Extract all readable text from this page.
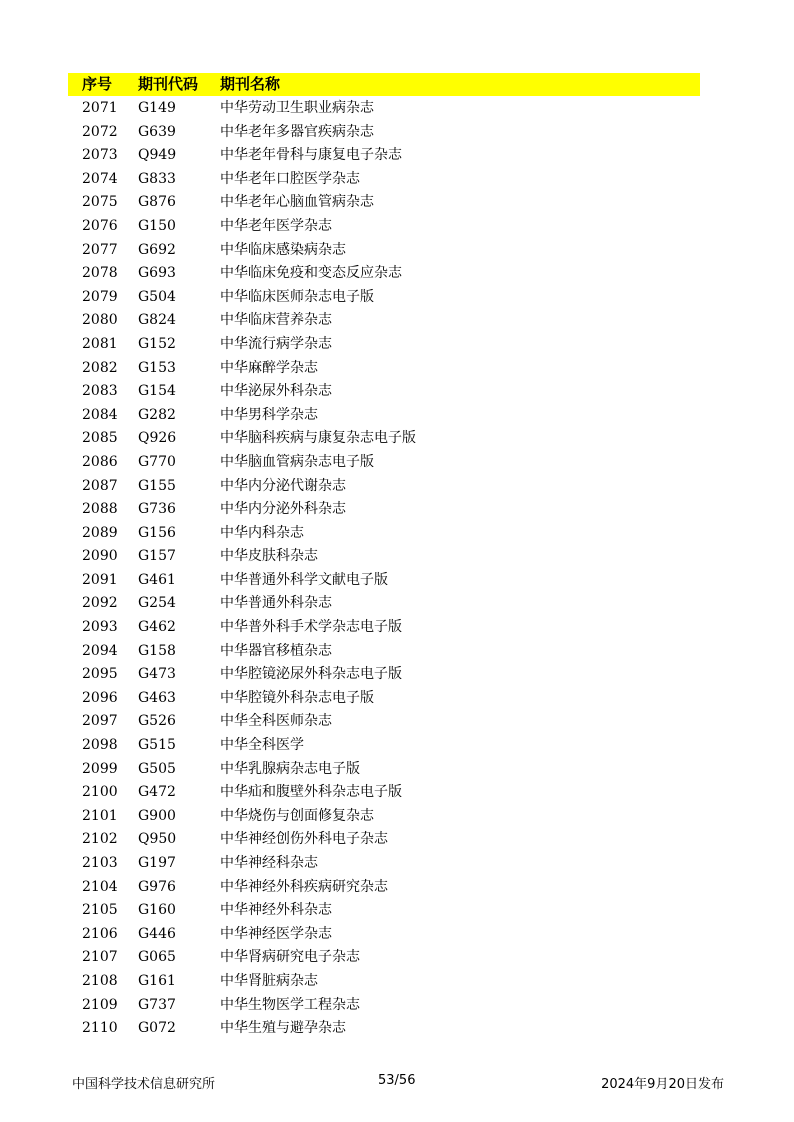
序号 期刊代码 期刊名称
2071 G149	中华劳动卫生职业病杂志
2072 G639	中华老年多器官疾病杂志
2073 Q949	中华老年骨科与康复电子杂志
2074 G833	中华老年口腔医学杂志
2075 G876	中华老年心脑血管病杂志
2076 G150	中华老年医学杂志
2077 G692	中华临床感染病杂志
2078 G693	中华临床免疫和变态反应杂志
2079 G504	中华临床医师杂志电子版
2080 G824	中华临床营养杂志
2081 G152	中华流行病学杂志
2082 G153	中华麻醉学杂志
2083 G154	中华泌尿外科杂志
2084 G282	中华男科学杂志
2085 Q926	中华脑科疾病与康复杂志电子版
2086 G770	中华脑血管病杂志电子版
2087 G155	中华内分泌代谢杂志
2088 G736	中华内分泌外科杂志
2089 G156	中华内科杂志
2090 G157	中华皮肤科杂志
2091 G461	中华普通外科学文献电子版
2092 G254	中华普通外科杂志
2093 G462	中华普外科手术学杂志电子版
2094 G158	中华器官移植杂志
2095 G473	中华腔镜泌尿外科杂志电子版
2096 G463	中华腔镜外科杂志电子版
2097 G526	中华全科医师杂志
2098 G515	中华全科医学
2099 G505	中华乳腺病杂志电子版
2100 G472	中华疝和腹壁外科杂志电子版
2101 G900	中华烧伤与创面修复杂志
2102 Q950	中华神经创伤外科电子杂志
2103 G197	中华神经科杂志
2104 G976	中华神经外科疾病研究杂志
2105 G160	中华神经外科杂志
2106 G446	中华神经医学杂志
2107 G065	中华肾病研究电子杂志
2108 G161	中华肾脏病杂志
2109 G737	中华生物医学工程杂志
2110 G072	中华生殖与避孕杂志
中国科学技术信息研究所	53/56	2024年9月20日发布
